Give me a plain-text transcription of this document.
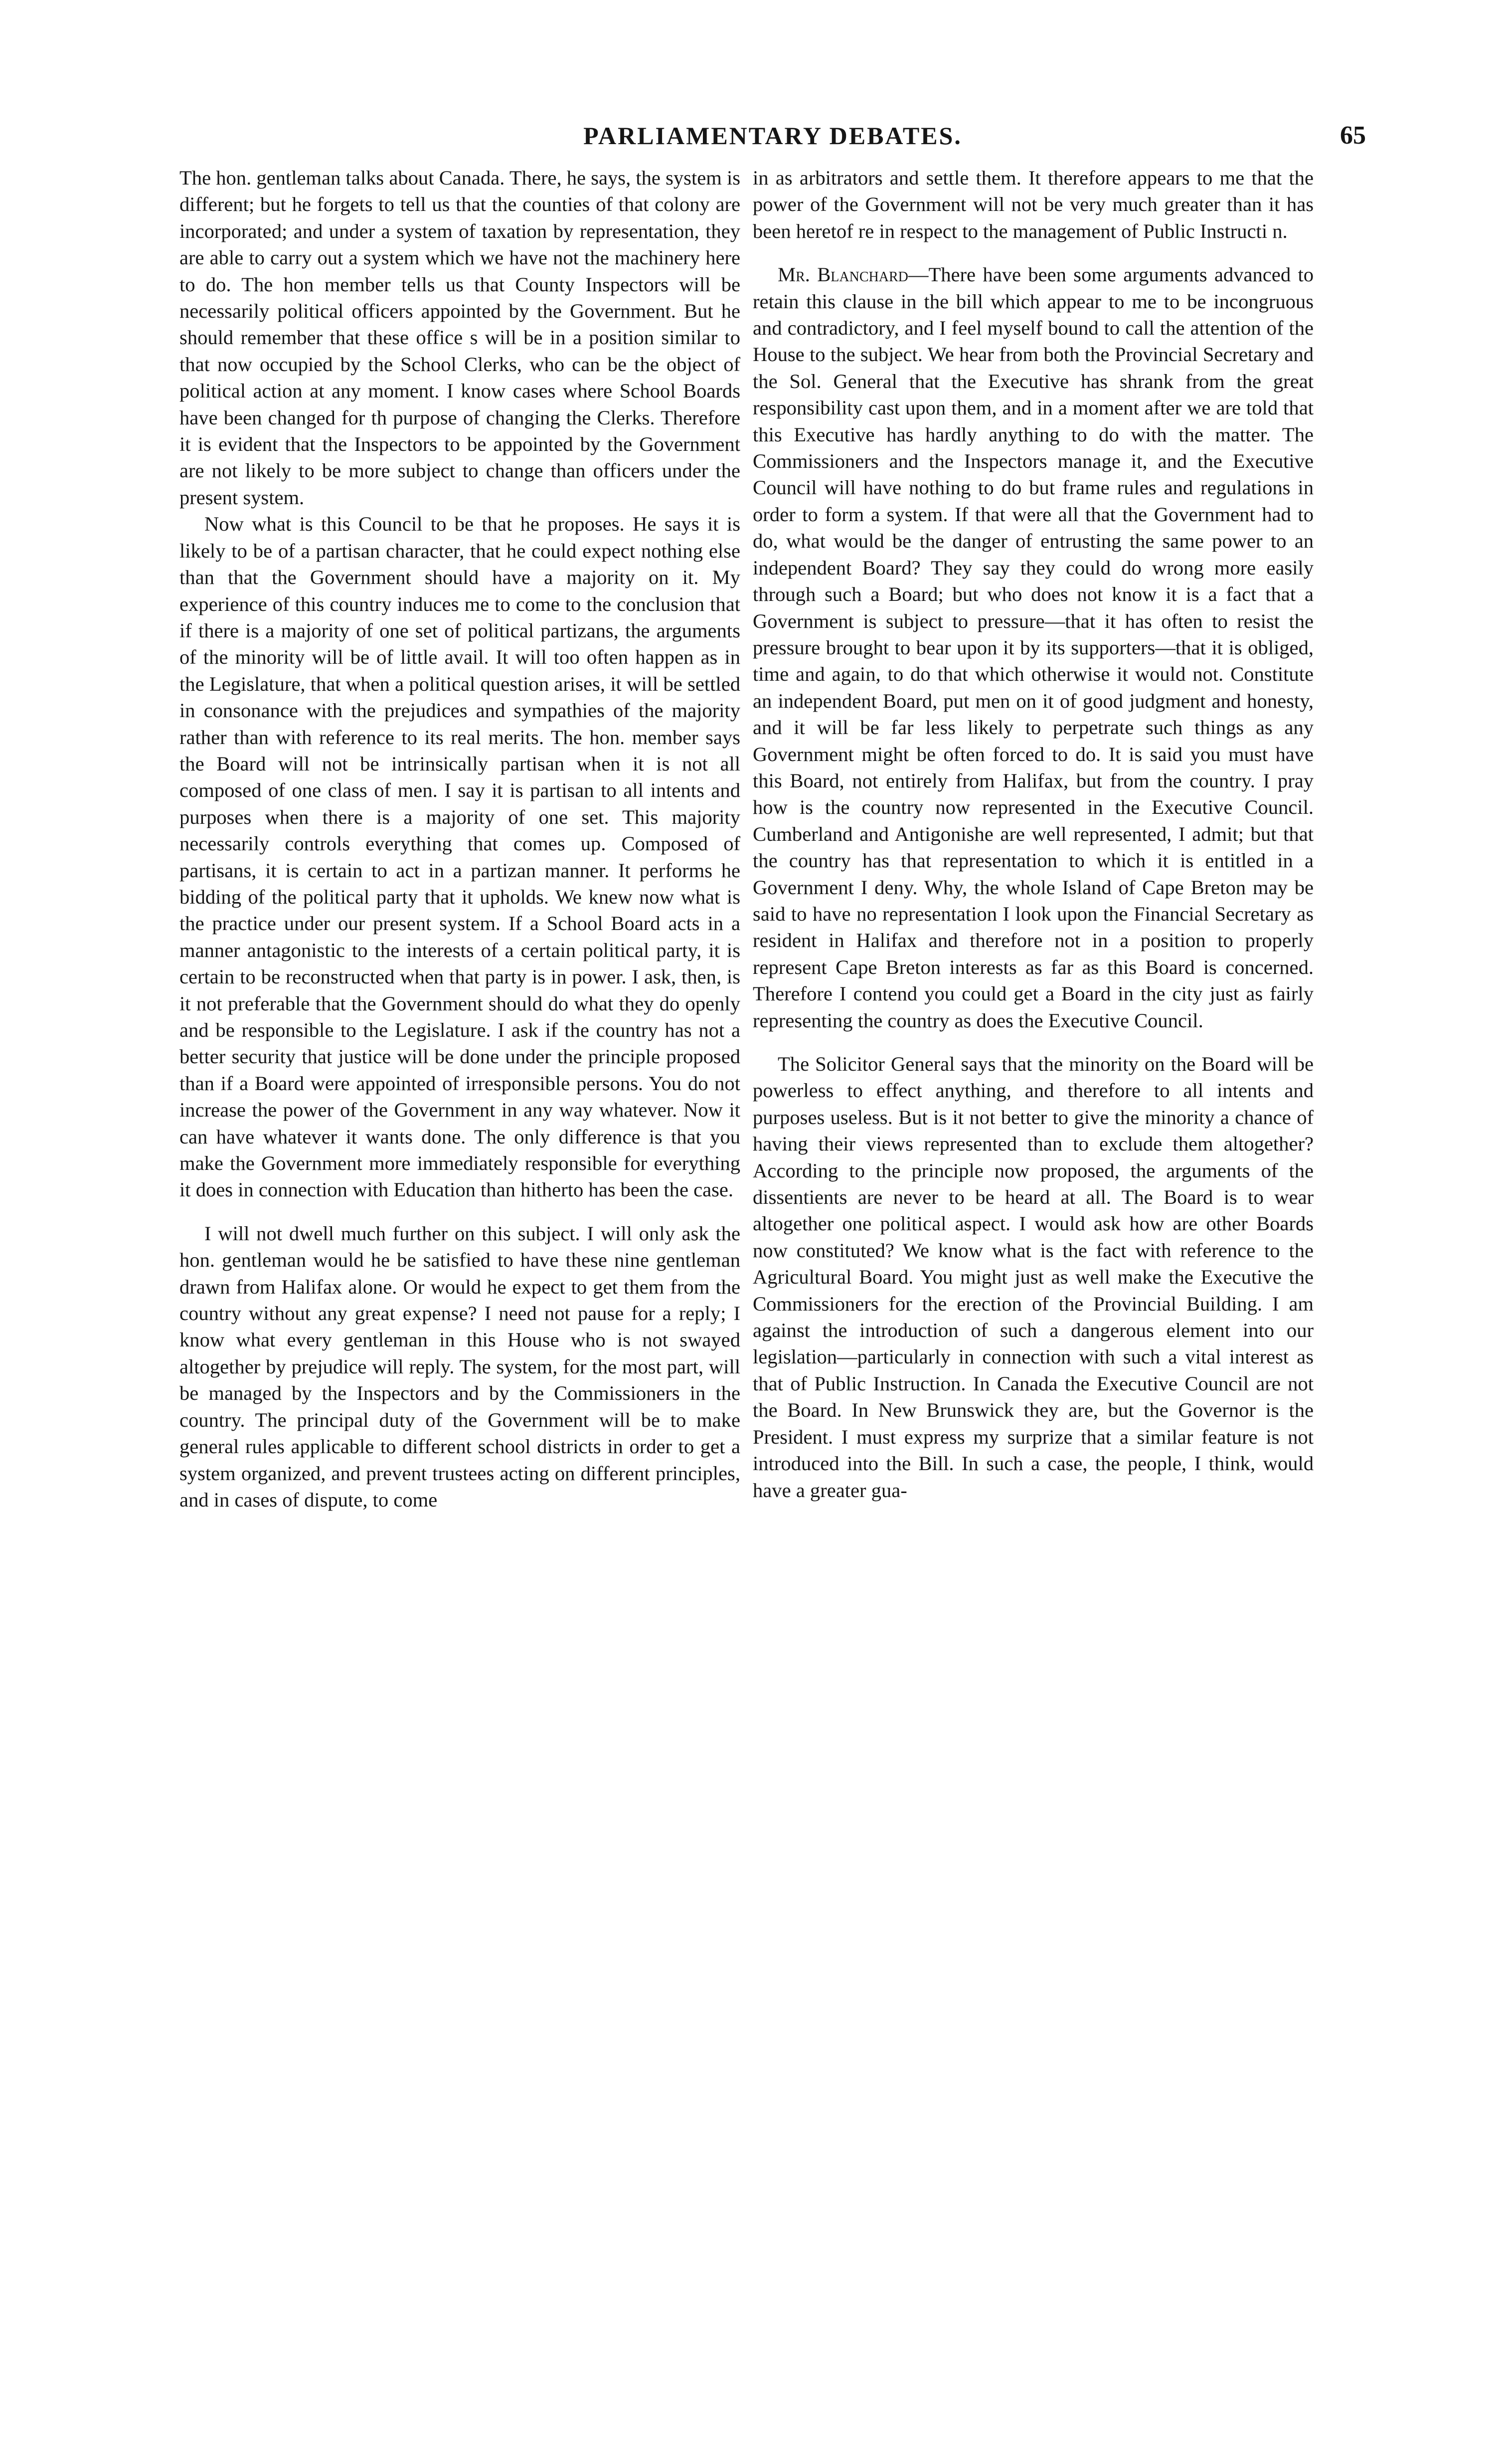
PARLIAMENTARY DEBATES.	65

The hon. gentleman talks about Canada. There, he says, the system is different; but he forgets to tell us that the counties of that colony are incorporated; and under a system of taxation by representation, they are able to carry out a system which we have not the machinery here to do. The hon member tells us that County Inspectors will be necessarily political officers appointed by the Government. But he should remember that these office s will be in a position similar to that now occupied by the School Clerks, who can be the object of political action at any moment. I know cases where School Boards have been changed for th purpose of changing the Clerks. Therefore it is evident that the Inspectors to be appointed by the Government are not likely to be more subject to change than officers under the present system.

Now what is this Council to be that he proposes. He says it is likely to be of a partisan character, that he could expect nothing else than that the Government should have a majority on it. My experience of this country induces me to come to the conclusion that if there is a majority of one set of political partizans, the arguments of the minority will be of little avail. It will too often happen as in the Legislature, that when a political question arises, it will be settled in consonance with the prejudices and sympathies of the majority rather than with reference to its real merits. The hon. member says the Board will not be intrinsically partisan when it is not all composed of one class of men. I say it is partisan to all intents and purposes when there is a majority of one set. This majority necessarily controls everything that comes up. Composed of partisans, it is certain to act in a partizan manner. It performs he bidding of the political party that it upholds. We knew now what is the practice under our present system. If a School Board acts in a manner antagonistic to the interests of a certain political party, it is certain to be reconstructed when that party is in power. I ask, then, is it not preferable that the Government should do what they do openly and be responsible to the Legislature. I ask if the country has not a better security that justice will be done under the principle proposed than if a Board were appointed of irresponsible persons. You do not increase the power of the Government in any way whatever. Now it can have whatever it wants done. The only difference is that you make the Government more immediately responsible for everything it does in connection with Education than hitherto has been the case.

I will not dwell much further on this subject. I will only ask the hon. gentleman would he be satisfied to have these nine gentleman drawn from Halifax alone. Or would he expect to get them from the country without any great expense? I need not pause for a reply; I know what every gentleman in this House who is not swayed altogether by prejudice will reply. The system, for the most part, will be managed by the Inspectors and by the Commissioners in the country. The principal duty of the Government will be to make general rules applicable to different school districts in order to get a system organized, and prevent trustees acting on different principles, and in cases of dispute, to come

in as arbitrators and settle them. It therefore appears to me that the power of the Government will not be very much greater than it has been heretof re in respect to the management of Public Instructi n.

Mr. Blanchard—There have been some arguments advanced to retain this clause in the bill which appear to me to be incongruous and contradictory, and I feel myself bound to call the attention of the House to the subject. We hear from both the Provincial Secretary and the Sol. General that the Executive has shrank from the great responsibility cast upon them, and in a moment after we are told that this Executive has hardly anything to do with the matter. The Commissioners and the Inspectors manage it, and the Executive Council will have nothing to do but frame rules and regulations in order to form a system. If that were all that the Government had to do, what would be the danger of entrusting the same power to an independent Board? They say they could do wrong more easily through such a Board; but who does not know it is a fact that a Government is subject to pressure—that it has often to resist the pressure brought to bear upon it by its supporters—that it is obliged, time and again, to do that which otherwise it would not. Constitute an independent Board, put men on it of good judgment and honesty, and it will be far less likely to perpetrate such things as any Government might be often forced to do. It is said you must have this Board, not entirely from Halifax, but from the country. I pray how is the country now represented in the Executive Council. Cumberland and Antigonishe are well represented, I admit; but that the country has that representation to which it is entitled in a Government I deny. Why, the whole Island of Cape Breton may be said to have no representation I look upon the Financial Secretary as resident in Halifax and therefore not in a position to properly represent Cape Breton interests as far as this Board is concerned. Therefore I contend you could get a Board in the city just as fairly representing the country as does the Executive Council.

The Solicitor General says that the minority on the Board will be powerless to effect anything, and therefore to all intents and purposes useless. But is it not better to give the minority a chance of having their views represented than to exclude them altogether? According to the principle now proposed, the arguments of the dissentients are never to be heard at all. The Board is to wear altogether one political aspect. I would ask how are other Boards now constituted? We know what is the fact with reference to the Agricultural Board. You might just as well make the Executive the Commissioners for the erection of the Provincial Building. I am against the introduction of such a dangerous element into our legislation—particularly in connection with such a vital interest as that of Public Instruction. In Canada the Executive Council are not the Board. In New Brunswick they are, but the Governor is the President. I must express my surprize that a similar feature is not introduced into the Bill. In such a case, the people, I think, would have a greater gua-
